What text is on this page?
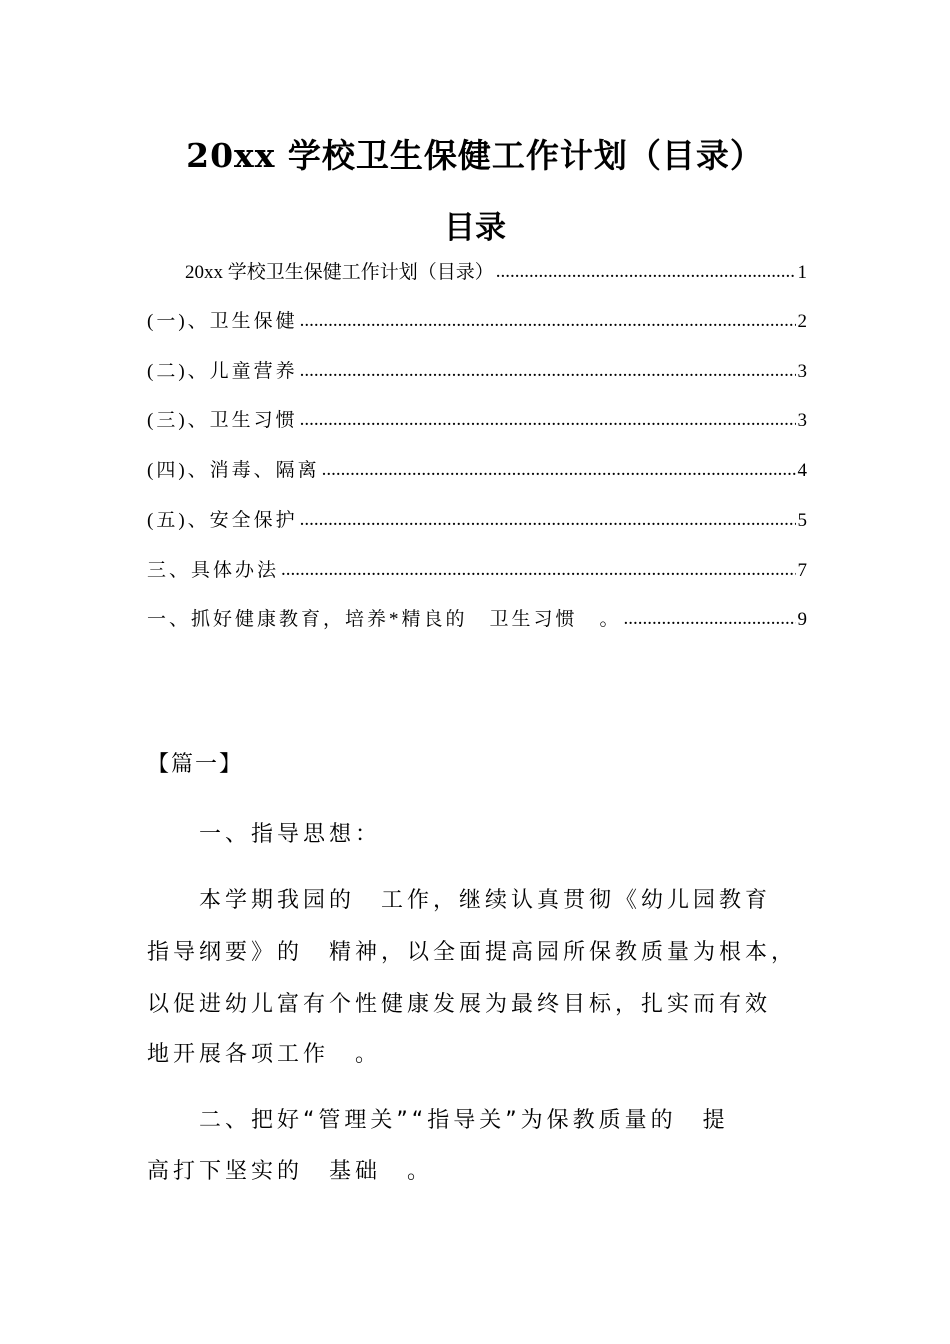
20xx 学校卫生保健工作计划（目录）
目录
20xx 学校卫生保健工作计划（目录） .....	1
(一)、卫生保健 .....	2
(二)、儿童营养 .....	3
(三)、卫生习惯 .....	3
(四)、消毒、隔离 .....	4
(五)、安全保护 .....	5
三、具体办法 .....	7
一、抓好健康教育，培养*精良的　卫生习惯　。 .....	9
【篇一】
一、指导思想：
本学期我园的　工作，继续认真贯彻《幼儿园教育
指导纲要》的　精神，以全面提高园所保教质量为根本，
以促进幼儿富有个性健康发展为最终目标，扎实而有效
地开展各项工作　。
二、把好“管理关”“指导关”为保教质量的　提
高打下坚实的　基础　。
